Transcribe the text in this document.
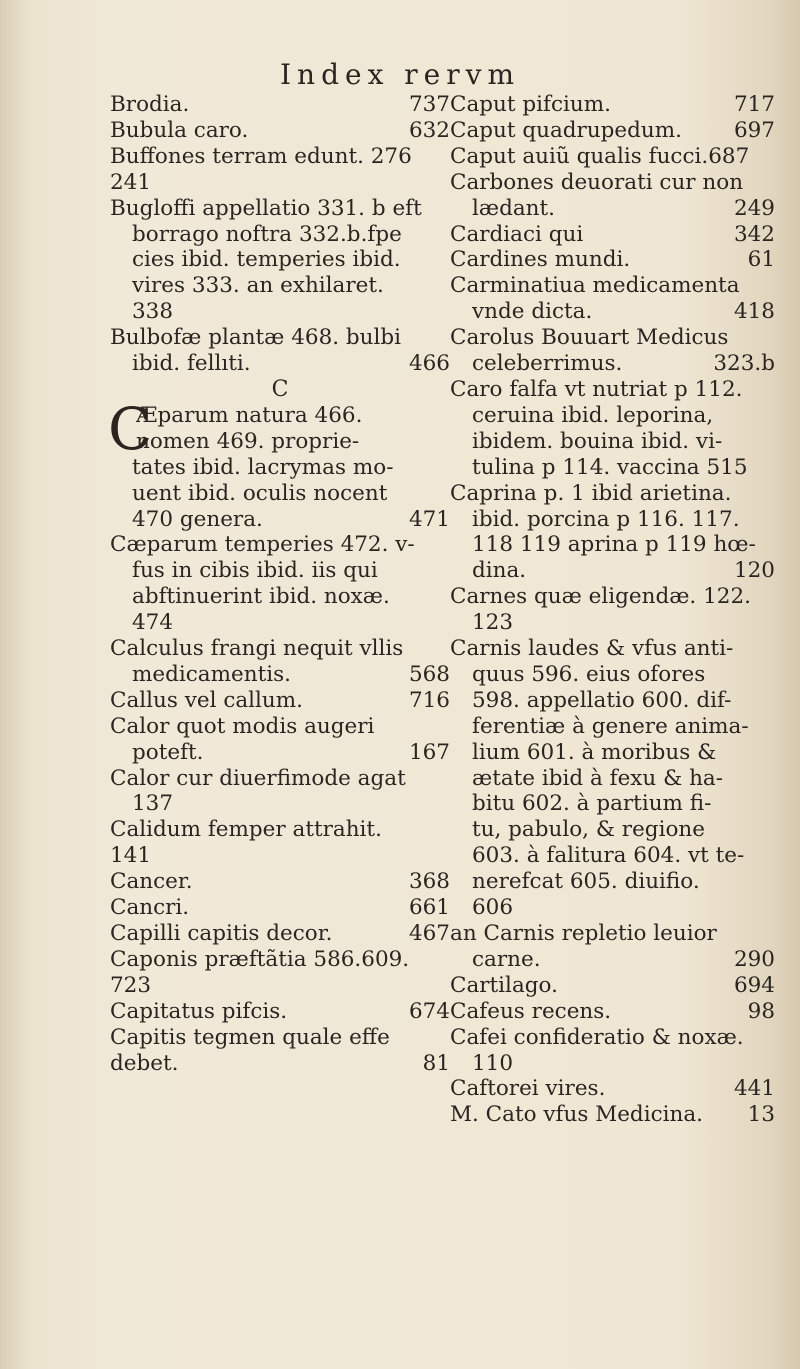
Index rervm
Brodia.	737
Bubula caro.	632
Buffones terram edunt. 276
241
Bugloffi appellatio 331. b eft
borrago noftra 332.b.fpe
cies ibid. temperies ibid.
vires 333. an exhilaret.
338
Bulbofæ plantæ 468. bulbi
ibid. fellıti.	466
C
C
Æparum natura 466.
nomen 469. proprie-
tates ibid. lacrymas mo-
uent ibid. oculis nocent
470 genera.	471
Cæparum temperies 472. v-
fus in cibis ibid. iis qui
abftinuerint ibid. noxæ.
474
Calculus frangi nequit vllis
medicamentis.	568
Callus vel callum.	716
Calor quot modis augeri
poteft.	167
Calor cur diuerfimode agat
137
Calidum femper attrahit.
141
Cancer.	368
Cancri.	661
Capilli capitis decor.	467
Caponis præftãtia 586.609.
723
Capitatus pifcis.	674
Capitis tegmen quale effe
debet.	81
Caput pifcium.	717
Caput quadrupedum.	697
Caput auiũ qualis fucci.687
Carbones deuorati cur non
lædant.	249
Cardiaci qui	342
Cardines mundi.	61
Carminatiua medicamenta
vnde dicta.	418
Carolus Bouuart Medicus
celeberrimus.	323.b
Caro falfa vt nutriat p 112.
ceruina ibid. leporina,
ibidem. bouina ibid. vi-
tulina p 114. vaccina 515
Caprina p. 1 ibid arietina.
ibid. porcina p 116. 117.
118 119 aprina p 119 hœ-
dina.	120
Carnes quæ eligendæ. 122.
123
Carnis laudes & vfus anti-
quus 596. eius ofores
598. appellatio 600. dif-
ferentiæ à genere anima-
lium 601. à moribus &
ætate ibid à fexu & ha-
bitu 602. à partium fi-
tu, pabulo, & regione
603. à falitura 604. vt te-
nerefcat 605. diuifio.
606
an Carnis repletio leuior
carne.	290
Cartilago.	694
Cafeus recens.	98
Cafei confideratio & noxæ.
110
Caftorei vires.	441
M. Cato vfus Medicina.	13
